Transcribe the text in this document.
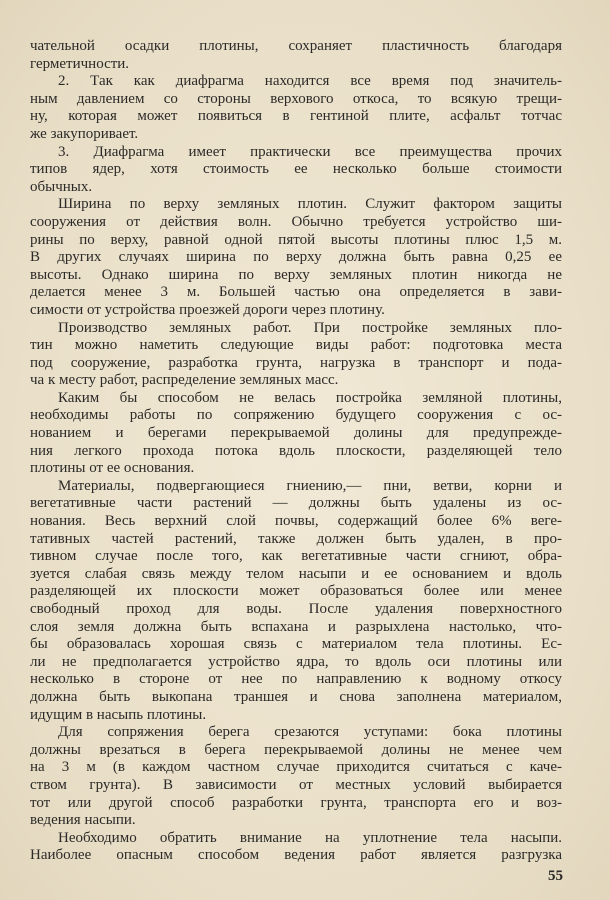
чательной осадки плотины, сохраняет пластичность благодаря
герметичности.
2. Так как диафрагма находится все время под значитель-
ным давлением со стороны верхового откоса, то всякую трещи-
ну, которая может появиться в гентиной плите, асфальт тотчас
же закупоривает.
3. Диафрагма имеет практически все преимущества прочих
типов ядер, хотя стоимость ее несколько больше стоимости
обычных.
Ширина по верху земляных плотин. Служит фактором защиты
сооружения от действия волн. Обычно требуется устройство ши-
рины по верху, равной одной пятой высоты плотины плюс 1,5 м.
В других случаях ширина по верху должна быть равна 0,25 ее
высоты. Однако ширина по верху земляных плотин никогда не
делается менее 3 м. Большей частью она определяется в зави-
симости от устройства проезжей дороги через плотину.
Производство земляных работ. При постройке земляных пло-
тин можно наметить следующие виды работ: подготовка места
под сооружение, разработка грунта, нагрузка в транспорт и пода-
ча к месту работ, распределение земляных масс.
Каким бы способом не велась постройка земляной плотины,
необходимы работы по сопряжению будущего сооружения с ос-
нованием и берегами перекрываемой долины для предупрежде-
ния легкого прохода потока вдоль плоскости, разделяющей тело
плотины от ее основания.
Материалы, подвергающиеся гниению,— пни, ветви, корни и
вегетативные части растений — должны быть удалены из ос-
нования. Весь верхний слой почвы, содержащий более 6% веге-
тативных частей растений, также должен быть удален, в про-
тивном случае после того, как вегетативные части сгниют, обра-
зуется слабая связь между телом насыпи и ее основанием и вдоль
разделяющей их плоскости может образоваться более или менее
свободный проход для воды. После удаления поверхностного
слоя земля должна быть вспахана и разрыхлена настолько, что-
бы образовалась хорошая связь с материалом тела плотины. Ес-
ли не предполагается устройство ядра, то вдоль оси плотины или
несколько в стороне от нее по направлению к водному откосу
должна быть выкопана траншея и снова заполнена материалом,
идущим в насыпь плотины.
Для сопряжения берега срезаются уступами: бока плотины
должны врезаться в берега перекрываемой долины не менее чем
на 3 м (в каждом частном случае приходится считаться с каче-
ством грунта). В зависимости от местных условий выбирается
тот или другой способ разработки грунта, транспорта его и воз-
ведения насыпи.
Необходимо обратить внимание на уплотнение тела насыпи.
Наиболее опасным способом ведения работ является разгрузка
55
